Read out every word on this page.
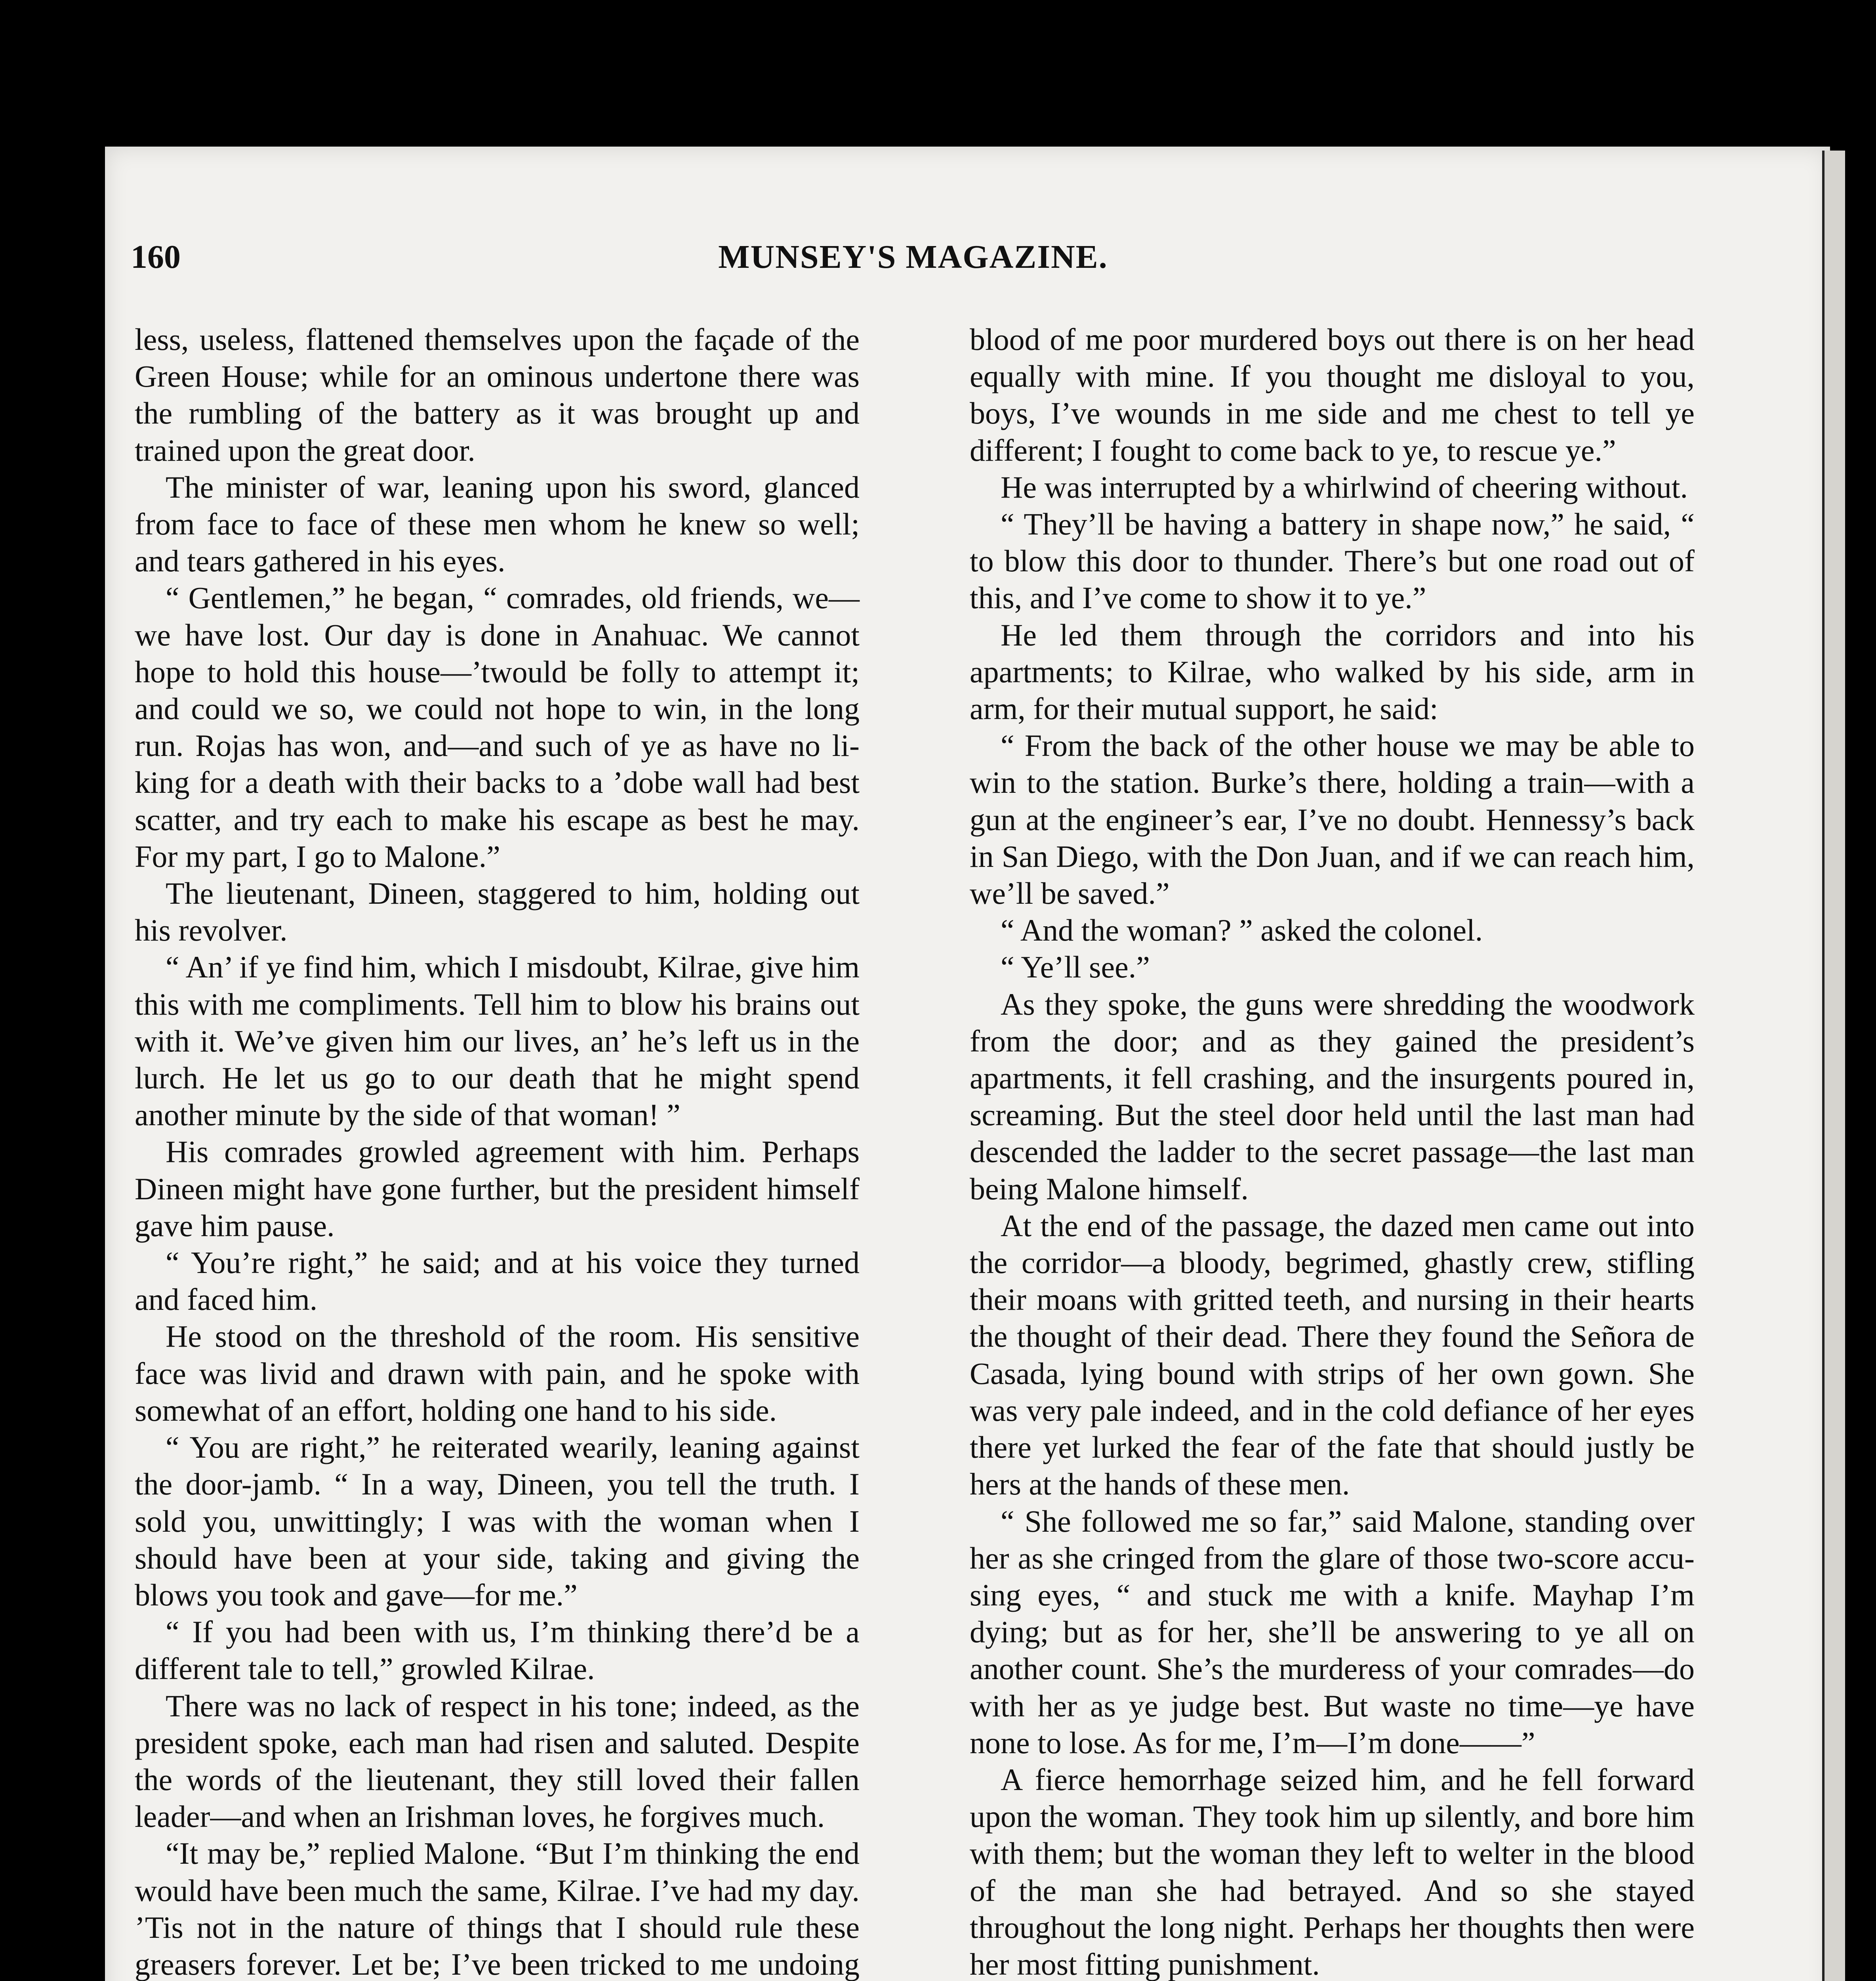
160	MUNSEY'S MAGAZINE.

less, useless, flattened themselves upon the façade of the Green House; while for an ominous undertone there was the rumbling of the battery as it was brought up and trained upon the great door.

The minister of war, leaning upon his sword, glanced from face to face of these men whom he knew so well; and tears gathered in his eyes.

“ Gentlemen,” he began, “ comrades, old friends, we—we have lost. Our day is done in Anahuac. We cannot hope to hold this house—’twould be folly to attempt it; and could we so, we could not hope to win, in the long run. Rojas has won, and—and such of ye as have no liking for a death with their backs to a ’dobe wall had best scatter, and try each to make his escape as best he may. For my part, I go to Malone.”

The lieutenant, Dineen, staggered to him, holding out his revolver.

“ An’ if ye find him, which I misdoubt, Kilrae, give him this with me compliments. Tell him to blow his brains out with it. We’ve given him our lives, an’ he’s left us in the lurch. He let us go to our death that he might spend another minute by the side of that woman! ”

His comrades growled agreement with him. Perhaps Dineen might have gone further, but the president himself gave him pause.

“ You’re right,” he said; and at his voice they turned and faced him.

He stood on the threshold of the room. His sensitive face was livid and drawn with pain, and he spoke with somewhat of an effort, holding one hand to his side.

“ You are right,” he reiterated wearily, leaning against the door-jamb. “ In a way, Dineen, you tell the truth. I sold you, unwittingly; I was with the woman when I should have been at your side, taking and giving the blows you took and gave—for me.”

“ If you had been with us, I’m thinking there’d be a different tale to tell,” growled Kilrae.

There was no lack of respect in his tone; indeed, as the president spoke, each man had risen and saluted. Despite the words of the lieutenant, they still loved their fallen leader—and when an Irishman loves, he forgives much.

“It may be,” replied Malone. “But I’m thinking the end would have been much the same, Kilrae. I’ve had my day. ’Tis not in the nature of things that I should rule these greasers forever. Let be; I’ve been tricked to me undoing

blood of me poor murdered boys out there is on her head equally with mine. If you thought me disloyal to you, boys, I’ve wounds in me side and me chest to tell ye different; I fought to come back to ye, to rescue ye.”

He was interrupted by a whirlwind of cheering without.

“ They’ll be having a battery in shape now,” he said, “ to blow this door to thunder. There’s but one road out of this, and I’ve come to show it to ye.”

He led them through the corridors and into his apartments; to Kilrae, who walked by his side, arm in arm, for their mutual support, he said:

“ From the back of the other house we may be able to win to the station. Burke’s there, holding a train—with a gun at the engineer’s ear, I’ve no doubt. Hennessy’s back in San Diego, with the Don Juan, and if we can reach him, we’ll be saved.”

“ And the woman? ” asked the colonel.

“ Ye’ll see.”

As they spoke, the guns were shredding the woodwork from the door; and as they gained the president’s apartments, it fell crashing, and the insurgents poured in, screaming. But the steel door held until the last man had descended the ladder to the secret passage—the last man being Malone himself.

At the end of the passage, the dazed men came out into the corridor—a bloody, begrimed, ghastly crew, stifling their moans with gritted teeth, and nursing in their hearts the thought of their dead. There they found the Señora de Casada, lying bound with strips of her own gown. She was very pale indeed, and in the cold defiance of her eyes there yet lurked the fear of the fate that should justly be hers at the hands of these men.

“ She followed me so far,” said Malone, standing over her as she cringed from the glare of those two-score accusing eyes, “ and stuck me with a knife. Mayhap I’m dying; but as for her, she’ll be answering to ye all on another count. She’s the murderess of your comrades—do with her as ye judge best. But waste no time—ye have none to lose. As for me, I’m—I’m done——”

A fierce hemorrhage seized him, and he fell forward upon the woman. They took him up silently, and bore him with them; but the woman they left to welter in the blood of the man she had betrayed. And so she stayed throughout the long night. Perhaps her thoughts then were her most fitting punishment.
